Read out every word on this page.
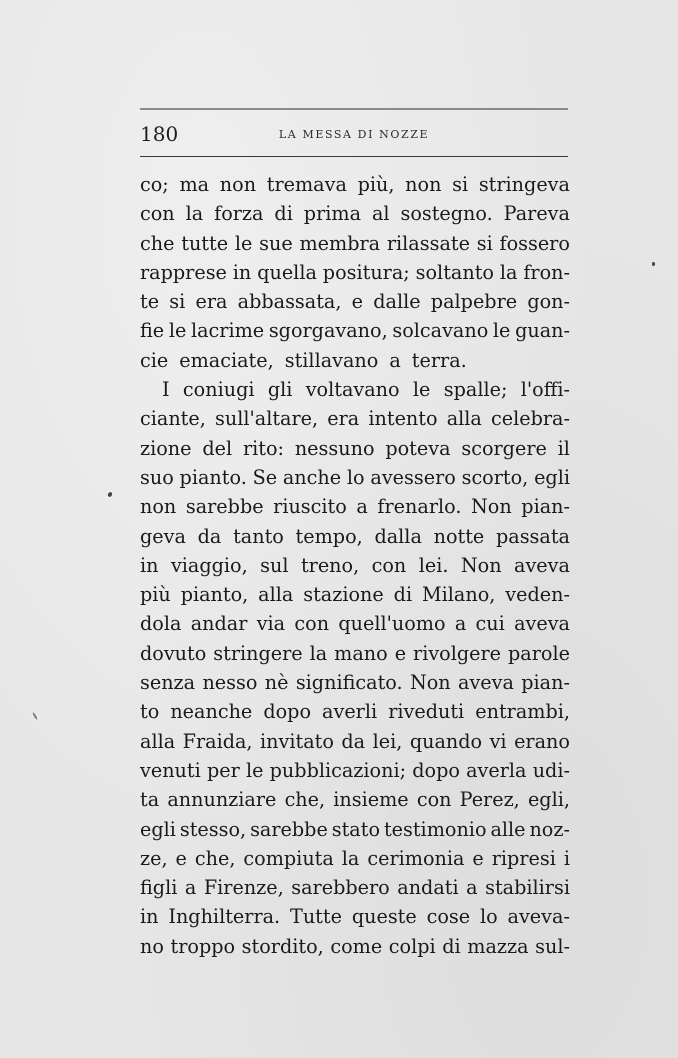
180	LA MESSA DI NOZZE
co; ma non tremava più, non si stringeva
con la forza di prima al sostegno. Pareva
che tutte le sue membra rilassate si fossero
rapprese in quella positura; soltanto la fron-
te si era abbassata, e dalle palpebre gon-
fie le lacrime sgorgavano, solcavano le guan-
cie emaciate, stillavano a terra.
I coniugi gli voltavano le spalle; l'offi-
ciante, sull'altare, era intento alla celebra-
zione del rito: nessuno poteva scorgere il
suo pianto. Se anche lo avessero scorto, egli
non sarebbe riuscito a frenarlo. Non pian-
geva da tanto tempo, dalla notte passata
in viaggio, sul treno, con lei. Non aveva
più pianto, alla stazione di Milano, veden-
dola andar via con quell'uomo a cui aveva
dovuto stringere la mano e rivolgere parole
senza nesso nè significato. Non aveva pian-
to neanche dopo averli riveduti entrambi,
alla Fraida, invitato da lei, quando vi erano
venuti per le pubblicazioni; dopo averla udi-
ta annunziare che, insieme con Perez, egli,
egli stesso, sarebbe stato testimonio alle noz-
ze, e che, compiuta la cerimonia e ripresi i
figli a Firenze, sarebbero andati a stabilirsi
in Inghilterra. Tutte queste cose lo aveva-
no troppo stordito, come colpi di mazza sul-
